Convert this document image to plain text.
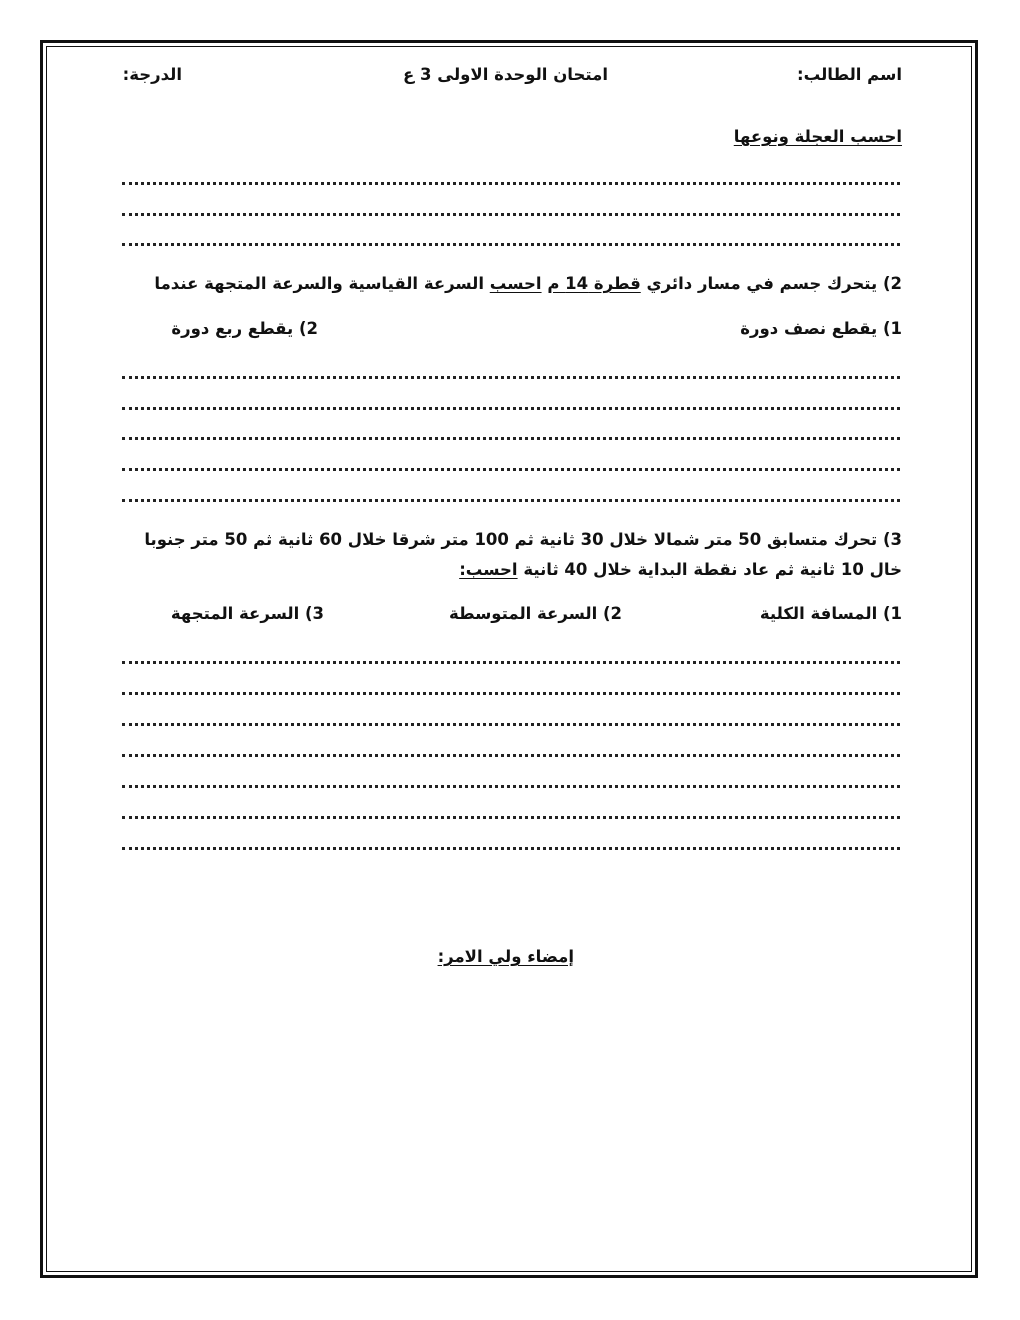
اسم الطالب:
امتحان الوحدة الاولى 3 ع
الدرجة:
احسب العجلة ونوعها
2) يتحرك جسم في مسار دائري قطرة 14 م احسب السرعة القياسية والسرعة المتجهة عندما
1) يقطع نصف دورة
2) يقطع ربع دورة
3) تحرك متسابق 50 متر شمالا خلال 30 ثانية ثم 100 متر شرقا خلال 60 ثانية ثم 50 متر جنوبا
خال 10 ثانية ثم عاد نقطة البداية خلال 40 ثانية احسب:
1) المسافة الكلية
2) السرعة المتوسطة
3) السرعة المتجهة
إمضاء ولي الامر:
